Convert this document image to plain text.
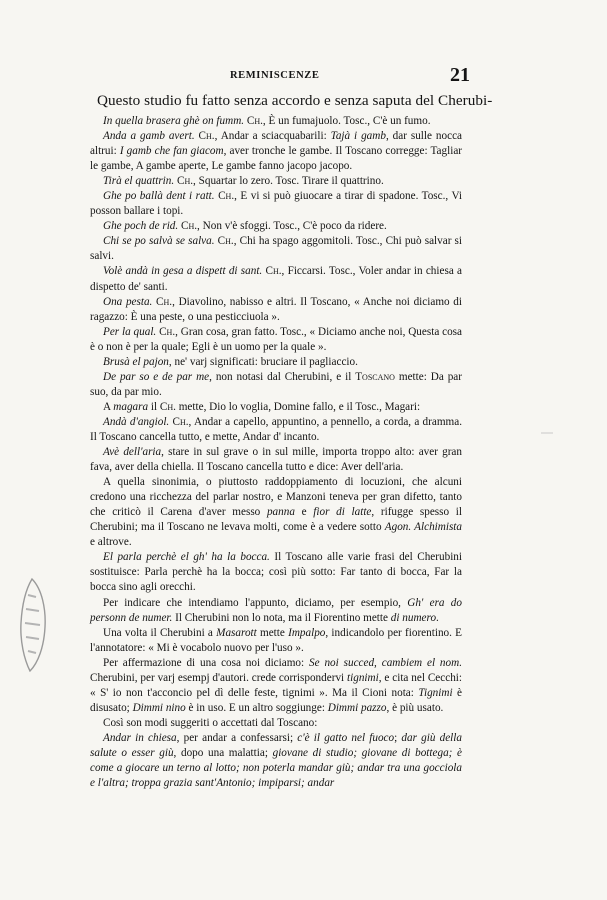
REMINISCENZE	21
Questo studio fu fatto senza accordo e senza saputa del Cherubi-

In quella brasera ghè on fumm. Ch., È un fumajuolo. Tosc., C'è un fumo.

Anda a gamb avert. Ch., Andar a sciacquabarili: Tajà i gamb, dar sulle nocca altrui: I gamb che fan giacom, aver tronche le gambe. Il Toscano corregge: Tagliar le gambe, A gambe aperte, Le gambe fanno jacopo jacopo.

Tirà el quattrin. Ch., Squartar lo zero. Tosc. Tirare il quattrino.

Ghe po ballà dent i ratt. Ch., E vi si può giuocare a tirar di spadone. Tosc., Vi posson ballare i topi.

Ghe poch de rid. Ch., Non v'è sfoggi. Tosc., C'è poco da ridere.

Chi se po salvà se salva. Ch., Chi ha spago aggomitoli. Tosc., Chi può salvar si salvi.

Volè andà in gesa a dispett di sant. Ch., Ficcarsi. Tosc., Voler andar in chiesa a dispetto de' santi.

Ona pesta. Ch., Diavolino, nabisso e altri. Il Toscano, « Anche noi diciamo di ragazzo: È una peste, o una pesticciuola ».

Per la qual. Ch., Gran cosa, gran fatto. Tosc., « Diciamo anche noi, Questa cosa è o non è per la quale; Egli è un uomo per la quale ».

Brusà el pajon, ne' varj significati: bruciare il pagliaccio.

De par so e de par me, non notasi dal Cherubini, e il Toscano mette: Da par suo, da par mio.

A magara il Ch. mette, Dio lo voglia, Domine fallo, e il Tosc., Magari:

Andà d'angiol. Ch., Andar a capello, appuntino, a pennello, a corda, a dramma. Il Toscano cancella tutto, e mette, Andar d' incanto.

Avè dell'aria, stare in sul grave o in sul mille, importa troppo alto: aver gran fava, aver della chiella. Il Toscano cancella tutto e dice: Aver dell'aria.

A quella sinonimia, o piuttosto raddoppiamento di locuzioni, che alcuni credono una ricchezza del parlar nostro, e Manzoni teneva per gran difetto, tanto che criticò il Carena d'aver messo panna e fior di latte, rifugge spesso il Cherubini; ma il Toscano ne levava molti, come è a vedere sotto Agon. Alchimista e altrove.

El parla perchè el gh' ha la bocca. Il Toscano alle varie frasi del Cherubini sostituisce: Parla perchè ha la bocca; così più sotto: Far tanto di bocca, Far la bocca sino agli orecchi.

Per indicare che intendiamo l'appunto, diciamo, per esempio, Gh' era do personn de numer. Il Cherubini non lo nota, ma il Fiorentino mette di numero.

Una volta il Cherubini a Masarott mette Impalpo, indicandolo per fiorentino. E l'annotatore: « Mi è vocabolo nuovo per l'uso ».

Per affermazione di una cosa noi diciamo: Se noi succed, cambiem el nom. Cherubini, per varj esempj d'autori. crede corrispondervi tignimi, e cita nel Cecchi: « S' io non t'acconcio pel dì delle feste, tignimi ». Ma il Cioni nota: Tignimi è disusato; Dimmi nino è in uso. E un altro soggiunge: Dimmi pazzo, è più usato.

Così son modi suggeriti o accettati dal Toscano:

Andar in chiesa, per andar a confessarsi; c'è il gatto nel fuoco; dar giù della salute o esser giù, dopo una malattia; giovane di studio; giovane di bottega; è come a giocare un terno al lotto; non poterla mandar giù; andar tra una gocciola e l'altra; troppa grazia sant'Antonio; impiparsi; andar
